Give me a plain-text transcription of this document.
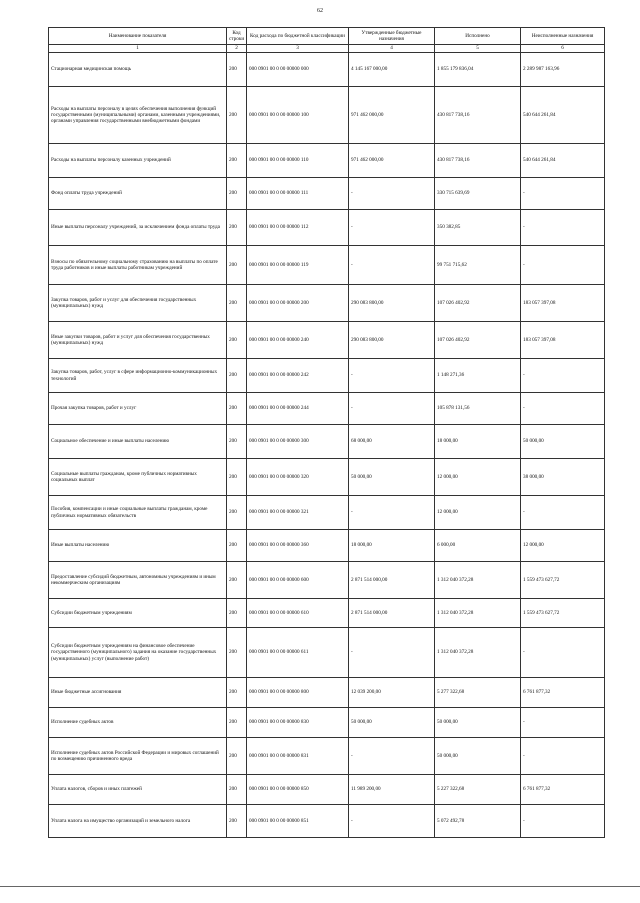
62
Наименование показателя	Код строки	Код расхода по бюджетной классификации	Утвержденные бюджетные назначения	Исполнено	Неисполненные назначения
1	2	3	4	5	6
Стационарная медицинская помощь	200	000 0901 00 0 00 00000 000	4 145 167 000,00	1 855 179 836,04	2 289 987 163,96
Расходы на выплаты персоналу в целях обеспечения выполнения функций государственными (муниципальными) органами, казенными учреждениями, органами управления государственными внебюджетными фондами	200	000 0901 00 0 00 00000 100	971 462 000,00	430 817 738,16	540 644 261,84
Расходы на выплаты персоналу казенных учреждений	200	000 0901 00 0 00 00000 110	971 462 000,00	430 817 738,16	540 644 261,84
Фонд оплаты труда учреждений	200	000 0901 00 0 00 00000 111	-	330 715 639,69	-
Иные выплаты персоналу учреждений, за исключением фонда оплаты труда	200	000 0901 00 0 00 00000 112	-	350 382,85	-
Взносы по обязательному социальному страхованию на выплаты по оплате труда работников и иные выплаты работникам учреждений	200	000 0901 00 0 00 00000 119	-	99 751 715,62	-
Закупка товаров, работ и услуг для обеспечения государственных (муниципальных) нужд	200	000 0901 00 0 00 00000 200	290 083 800,00	107 026 402,92	183 057 397,08
Иные закупки товаров, работ и услуг для обеспечения государственных (муниципальных) нужд	200	000 0901 00 0 00 00000 240	290 083 800,00	107 026 402,92	183 057 397,08
Закупка товаров, работ, услуг в сфере информационно-коммуникационных технологий	200	000 0901 00 0 00 00000 242	-	1 148 271,36	-
Прочая закупка товаров, работ и услуг	200	000 0901 00 0 00 00000 244	-	105 878 131,56	-
Социальное обеспечение и иные выплаты населению	200	000 0901 00 0 00 00000 300	68 000,00	18 000,00	50 000,00
Социальные выплаты гражданам, кроме публичных нормативных социальных выплат	200	000 0901 00 0 00 00000 320	50 000,00	12 000,00	38 000,00
Пособия, компенсации и иные социальные выплаты гражданам, кроме публичных нормативных обязательств	200	000 0901 00 0 00 00000 321	-	12 000,00	-
Иные выплаты населению	200	000 0901 00 0 00 00000 360	18 000,00	6 000,00	12 000,00
Предоставление субсидий бюджетным, автономным учреждениям и иным некоммерческим организациям	200	000 0901 00 0 00 00000 600	2 871 514 000,00	1 312 040 372,28	1 559 473 627,72
Субсидии бюджетным учреждениям	200	000 0901 00 0 00 00000 610	2 871 514 000,00	1 312 040 372,28	1 559 473 627,72
Субсидии бюджетным учреждениям на финансовое обеспечение государственного (муниципального) задания на оказание государственных (муниципальных) услуг (выполнение работ)	200	000 0901 00 0 00 00000 611	-	1 312 040 372,28	-
Иные бюджетные ассигнования	200	000 0901 00 0 00 00000 800	12 039 200,00	5 277 322,68	6 761 877,32
Исполнение судебных актов	200	000 0901 00 0 00 00000 830	50 000,00	50 000,00	-
Исполнение судебных актов Российской Федерации и мировых соглашений по возмещению причиненного вреда	200	000 0901 00 0 00 00000 831	-	50 000,00	-
Уплата налогов, сборов и иных платежей	200	000 0901 00 0 00 00000 850	11 989 200,00	5 227 322,68	6 761 877,32
Уплата налога на имущество организаций и земельного налога	200	000 0901 00 0 00 00000 851	-	5 072 492,78	-
